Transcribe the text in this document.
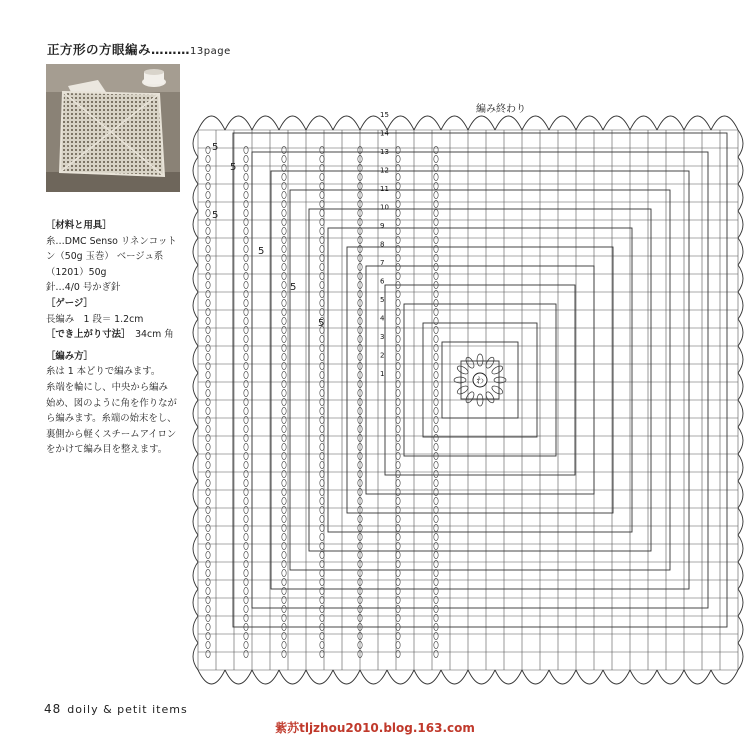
正方形の方眼編み………13page

［材料と用具］

糸…DMC Senso リネンコット

ン（50g 玉巻） ベージュ系

（1201）50g

針…4/0 号かぎ針

［ゲージ］

長編み　1 段＝ 1.2cm

［でき上がり寸法］　 34cm 角

［編み方］

糸は 1 本どりで編みます。

糸端を輪にし、中央から編み

始め、図のように角を作りなが

ら編みます。糸端の始末をし、

裏側から軽くスチームアイロン

をかけて編み目を整えます。

編み終わり
わ
5
5
5
5
5
5
1
2
3
4
5
6
7
8
9
10
11
12
13
14
15
48 doily & petit items
紫苏tljzhou2010.blog.163.com
